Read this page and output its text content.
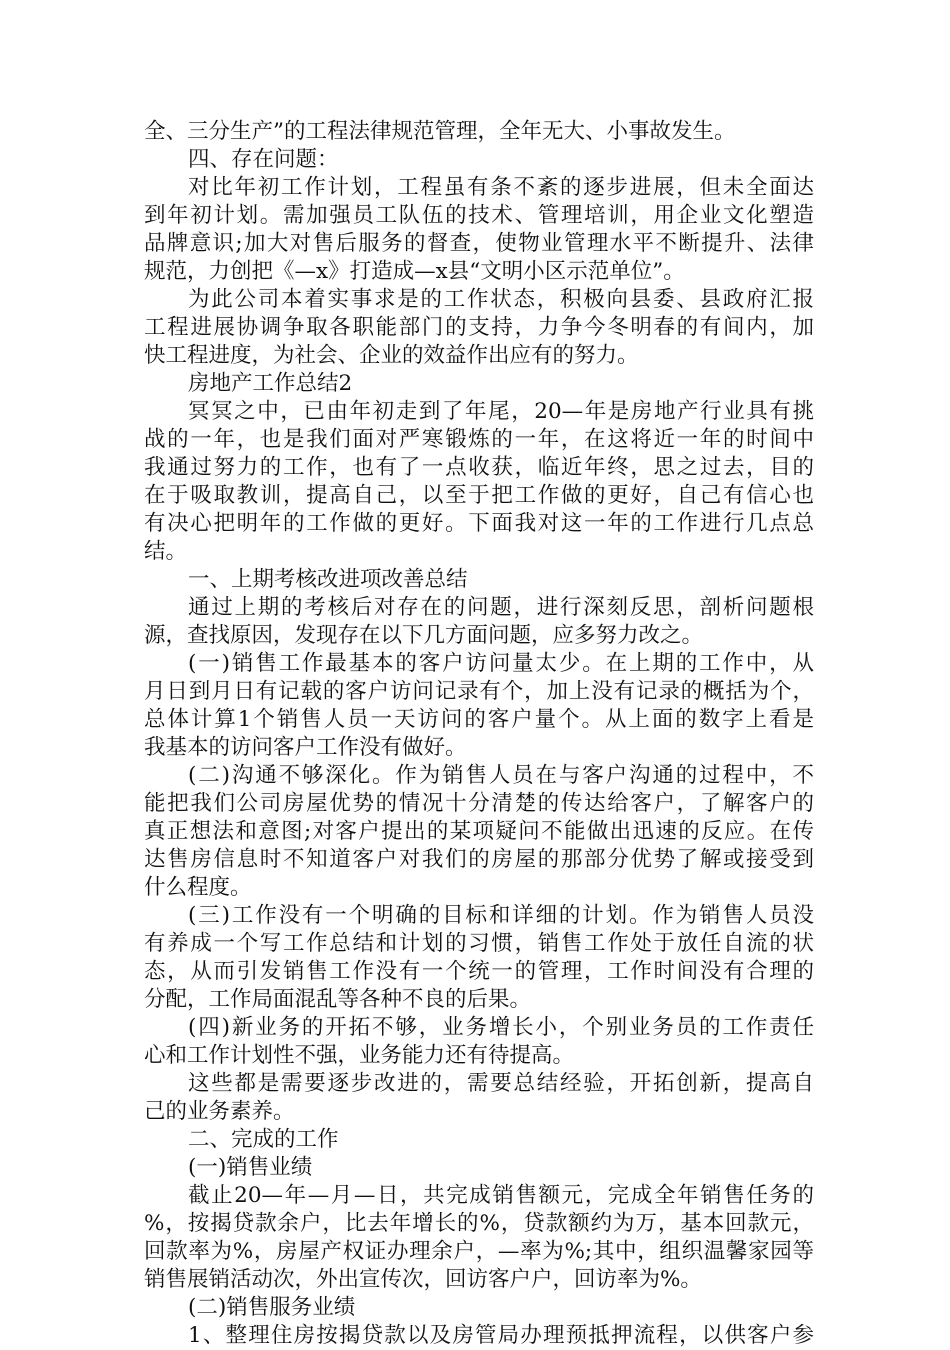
全、三分生产”的工程法律规范管理，全年无大、小事故发生。
四、存在问题：
对比年初工作计划，工程虽有条不紊的逐步进展，但未全面达
到年初计划。需加强员工队伍的技术、管理培训，用企业文化塑造
品牌意识;加大对售后服务的督查，使物业管理水平不断提升、法律
规范，力创把《—x》打造成—x县“文明小区示范单位”。
为此公司本着实事求是的工作状态，积极向县委、县政府汇报
工程进展协调争取各职能部门的支持，力争今冬明春的有间内，加
快工程进度，为社会、企业的效益作出应有的努力。
房地产工作总结2
冥冥之中，已由年初走到了年尾，20—年是房地产行业具有挑
战的一年，也是我们面对严寒锻炼的一年，在这将近一年的时间中
我通过努力的工作，也有了一点收获，临近年终，思之过去，目的
在于吸取教训，提高自己，以至于把工作做的更好，自己有信心也
有决心把明年的工作做的更好。下面我对这一年的工作进行几点总
结。
一、上期考核改进项改善总结
通过上期的考核后对存在的问题，进行深刻反思，剖析问题根
源，查找原因，发现存在以下几方面问题，应多努力改之。
(一)销售工作最基本的客户访问量太少。在上期的工作中，从
月日到月日有记载的客户访问记录有个，加上没有记录的概括为个，
总体计算1个销售人员一天访问的客户量个。从上面的数字上看是
我基本的访问客户工作没有做好。
(二)沟通不够深化。作为销售人员在与客户沟通的过程中，不
能把我们公司房屋优势的情况十分清楚的传达给客户，了解客户的
真正想法和意图;对客户提出的某项疑问不能做出迅速的反应。在传
达售房信息时不知道客户对我们的房屋的那部分优势了解或接受到
什么程度。
(三)工作没有一个明确的目标和详细的计划。作为销售人员没
有养成一个写工作总结和计划的习惯，销售工作处于放任自流的状
态，从而引发销售工作没有一个统一的管理，工作时间没有合理的
分配，工作局面混乱等各种不良的后果。
(四)新业务的开拓不够，业务增长小，个别业务员的工作责任
心和工作计划性不强，业务能力还有待提高。
这些都是需要逐步改进的，需要总结经验，开拓创新，提高自
己的业务素养。
二、完成的工作
(一)销售业绩
截止20—年—月—日，共完成销售额元，完成全年销售任务的
%，按揭贷款余户，比去年增长的%，贷款额约为万，基本回款元，
回款率为%，房屋产权证办理余户，—率为%;其中，组织温馨家园等
销售展销活动次，外出宣传次，回访客户户，回访率为%。
(二)销售服务业绩
1、整理住房按揭贷款以及房管局办理预抵押流程，以供客户参
